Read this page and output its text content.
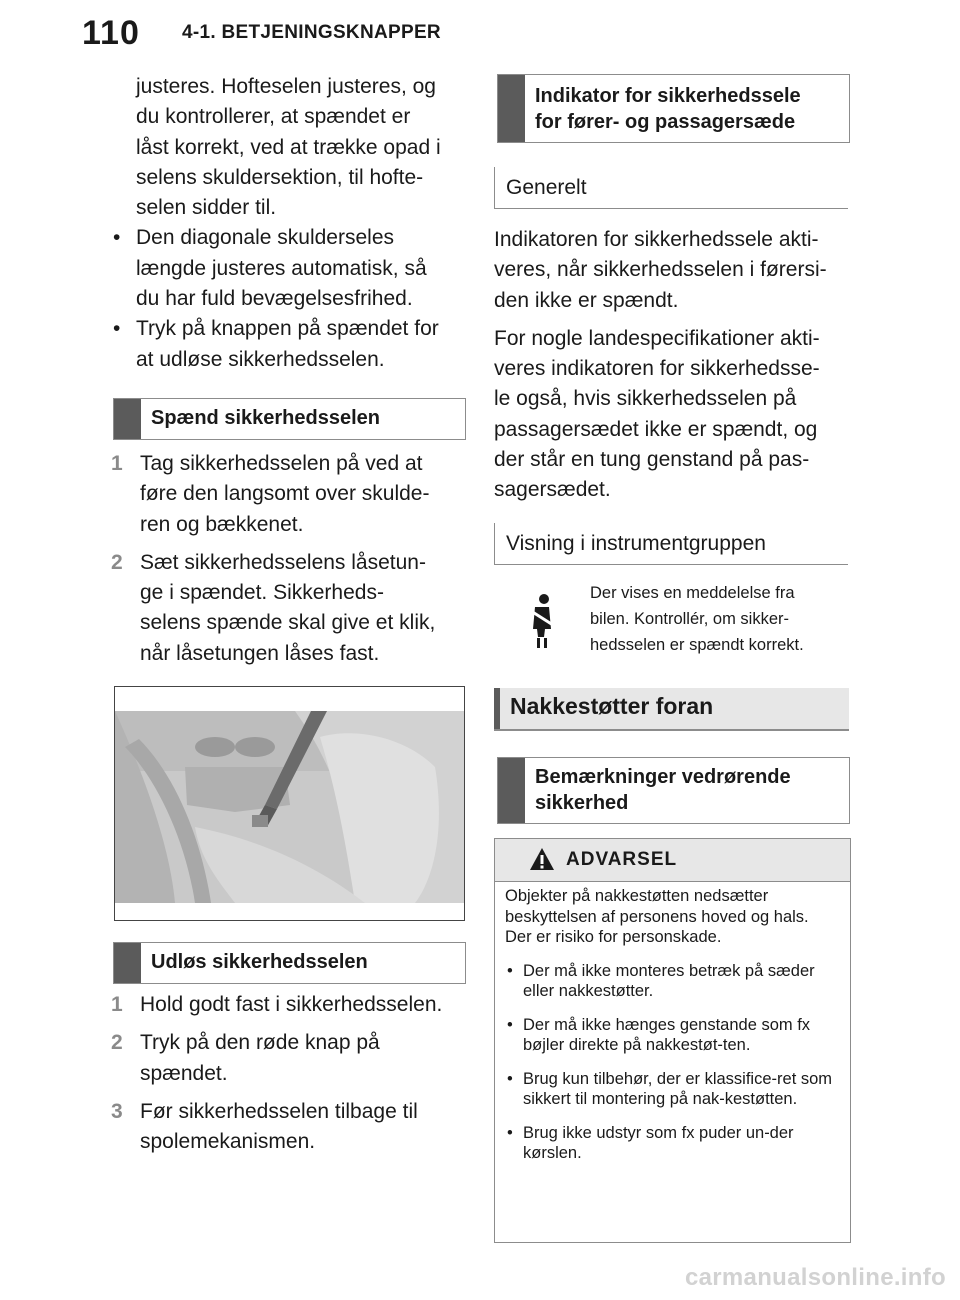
110 4-1. BETJENINGSKNAPPER
justeres. Hofteselen justeres, og
du kontrollerer, at spændet er
låst korrekt, ved at trække opad i
selens skuldersektion, til hofte-
selen sidder til.
• Den diagonale skulderseles
længde justeres automatisk, så
du har fuld bevægelsesfrihed.
• Tryk på knappen på spændet for
at udløse sikkerhedsselen.
Spænd sikkerhedsselen
1 Tag sikkerhedsselen på ved at
føre den langsomt over skulde-
ren og bækkenet.
2 Sæt sikkerhedsselens låsetun-
ge i spændet. Sikkerheds-
selens spænde skal give et klik,
når låsetungen låses fast.
Udløs sikkerhedsselen
1 Hold godt fast i sikkerhedsselen.
2 Tryk på den røde knap på
spændet.
3 Før sikkerhedsselen tilbage til
spolemekanismen.
Indikator for sikkerhedssele
for fører- og passagersæde
Generelt
Indikatoren for sikkerhedssele akti-
veres, når sikkerhedsselen i førersi-
den ikke er spændt.
For nogle landespecifikationer akti-
veres indikatoren for sikkerhedsse-
le også, hvis sikkerhedsselen på
passagersædet ikke er spændt, og
der står en tung genstand på pas-
sagersædet.
Visning i instrumentgruppen
Der vises en meddelelse fra
bilen. Kontrollér, om sikker-
hedsselen er spændt korrekt.
Nakkestøtter foran
Bemærkninger vedrørende
sikkerhed
ADVARSEL

Objekter på nakkestøtten nedsætter beskyttelsen af personens hoved og hals. Der er risiko for personskade.

• Der må ikke monteres betræk på sæder eller nakkestøtter.

• Der må ikke hænges genstande som fx bøjler direkte på nakkestøt-ten.

• Brug kun tilbehør, der er klassifice-ret som sikkert til montering på nak-kestøtten.

• Brug ikke udstyr som fx puder un-der kørslen.

carmanualsonline.info
